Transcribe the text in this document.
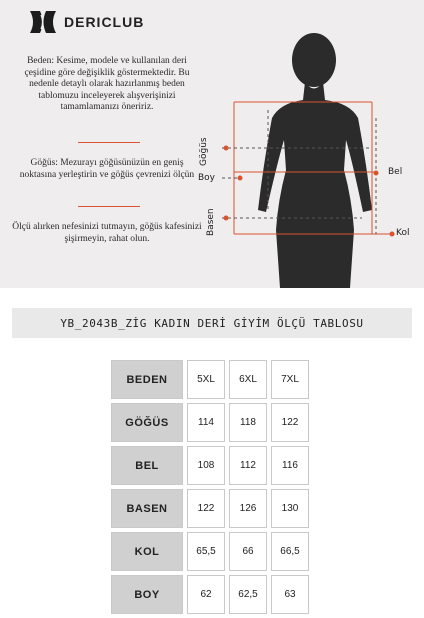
DERICLUB
Beden: Kesime, modele ve kullanılan deri çeşidine göre değişiklik göstermektedir. Bu nedenle detaylı olarak hazırlanmış beden tablomuzu inceleyerek alışverişinizi tamamlamanızı öneririz.
Göğüs: Mezurayı göğüsünüzün en geniş noktasına yerleştirin ve göğüs çevrenizi ölçün
Ölçü alırken nefesinizi tutmayın, göğüs kafesinizi şişirmeyin, rahat olun.
Göğüs
Boy
Basen
Bel
Kol
YB_2043B_ZİG KADIN DERİ GİYİM ÖLÇÜ TABLOSU
BEDEN	5XL	6XL	7XL
GÖĞÜS	114	118	122
BEL	108	112	116
BASEN	122	126	130
KOL	65,5	66	66,5
BOY	62	62,5	63
